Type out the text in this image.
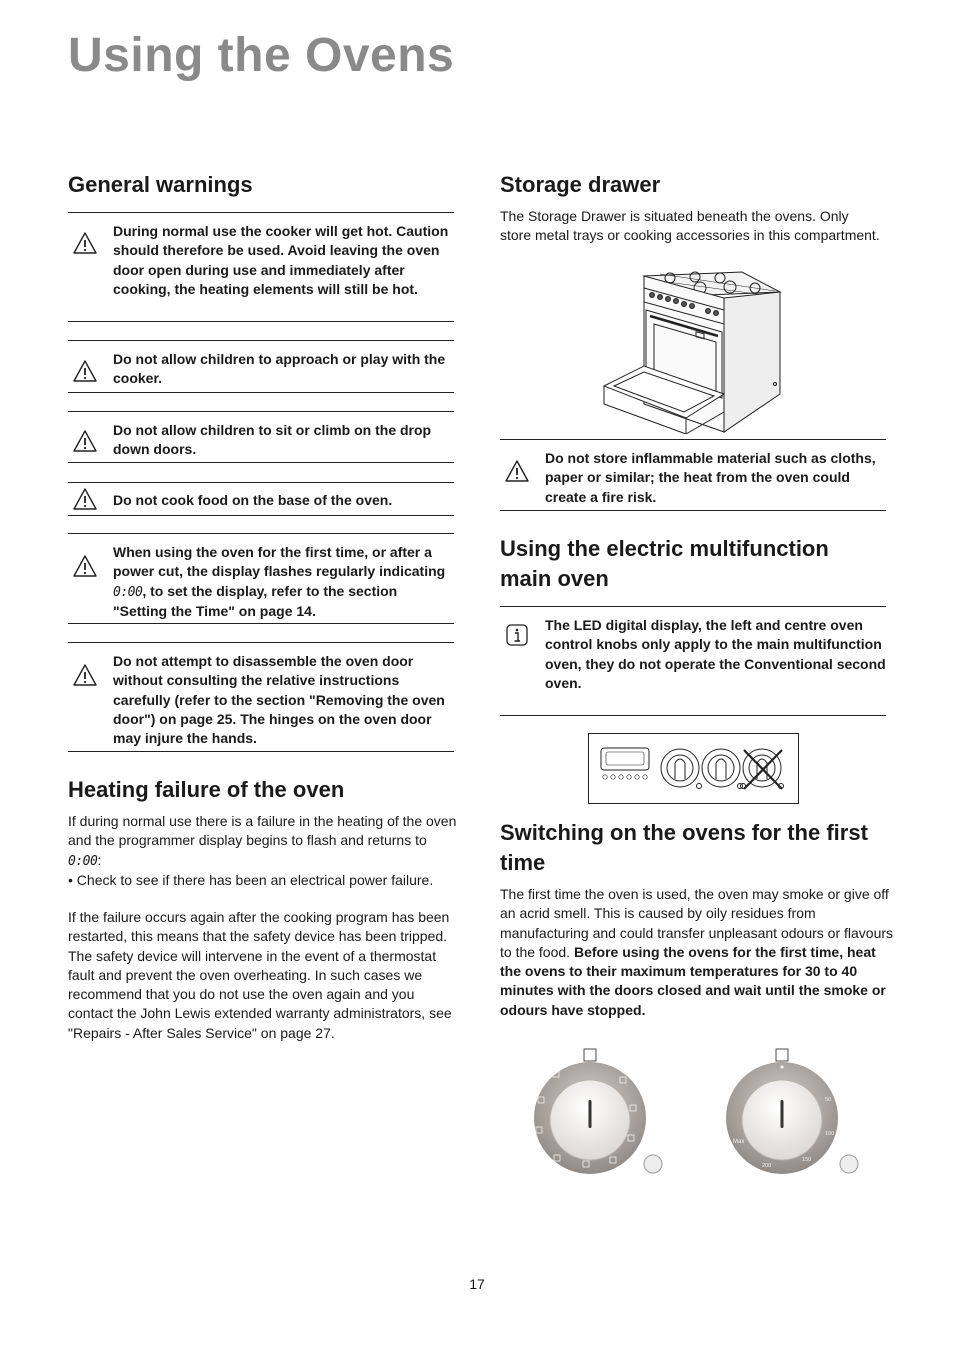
Using the Ovens
General warnings

During normal use the cooker will get hot. Caution should therefore be used. Avoid leaving the oven door open during use and immediately after cooking, the heating elements will still be hot.

Do not allow children to approach or play with the cooker.

Do not allow children to sit or climb on the drop down doors.

Do not cook food on the base of the oven.

When using the oven for the first time, or after a power cut, the display flashes regularly indicating 0:00, to set the display, refer to the section "Setting the Time" on page 14.

Do not attempt to disassemble the oven door without consulting the relative instructions carefully (refer to the section "Removing the oven door") on page 25. The hinges on the oven door may injure the hands.

Heating failure of the oven

If during normal use there is a failure in the heating of the oven and the programmer display begins to flash and returns to 0:00:
• Check to see if there has been an electrical power failure.

If the failure occurs again after the cooking program has been restarted, this means that the safety device has been tripped. The safety device will intervene in the event of a thermostat fault and prevent the oven overheating. In such cases we recommend that you do not use the oven again and you contact the John Lewis extended warranty administrators, see "Repairs - After Sales Service" on page 27.

Storage drawer

The Storage Drawer is situated beneath the ovens. Only store metal trays or cooking accessories in this compartment.

Do not store inflammable material such as cloths, paper or similar; the heat from the oven could create a fire risk.

Using the electric multifunction
main oven

The LED digital display, the left and centre oven control knobs only apply to the main multifunction oven, they do not operate the Conventional second oven.

Switching on the ovens for the first
time

The first time the oven is used, the oven may smoke or give off an acrid smell. This is caused by oily residues from manufacturing and could transfer unpleasant odours or flavours to the food. Before using the ovens for the first time, heat the ovens to their maximum temperatures for 30 to 40 minutes with the doors closed and wait until the smoke or odours have stopped.

Max
200
150
100
50
17
